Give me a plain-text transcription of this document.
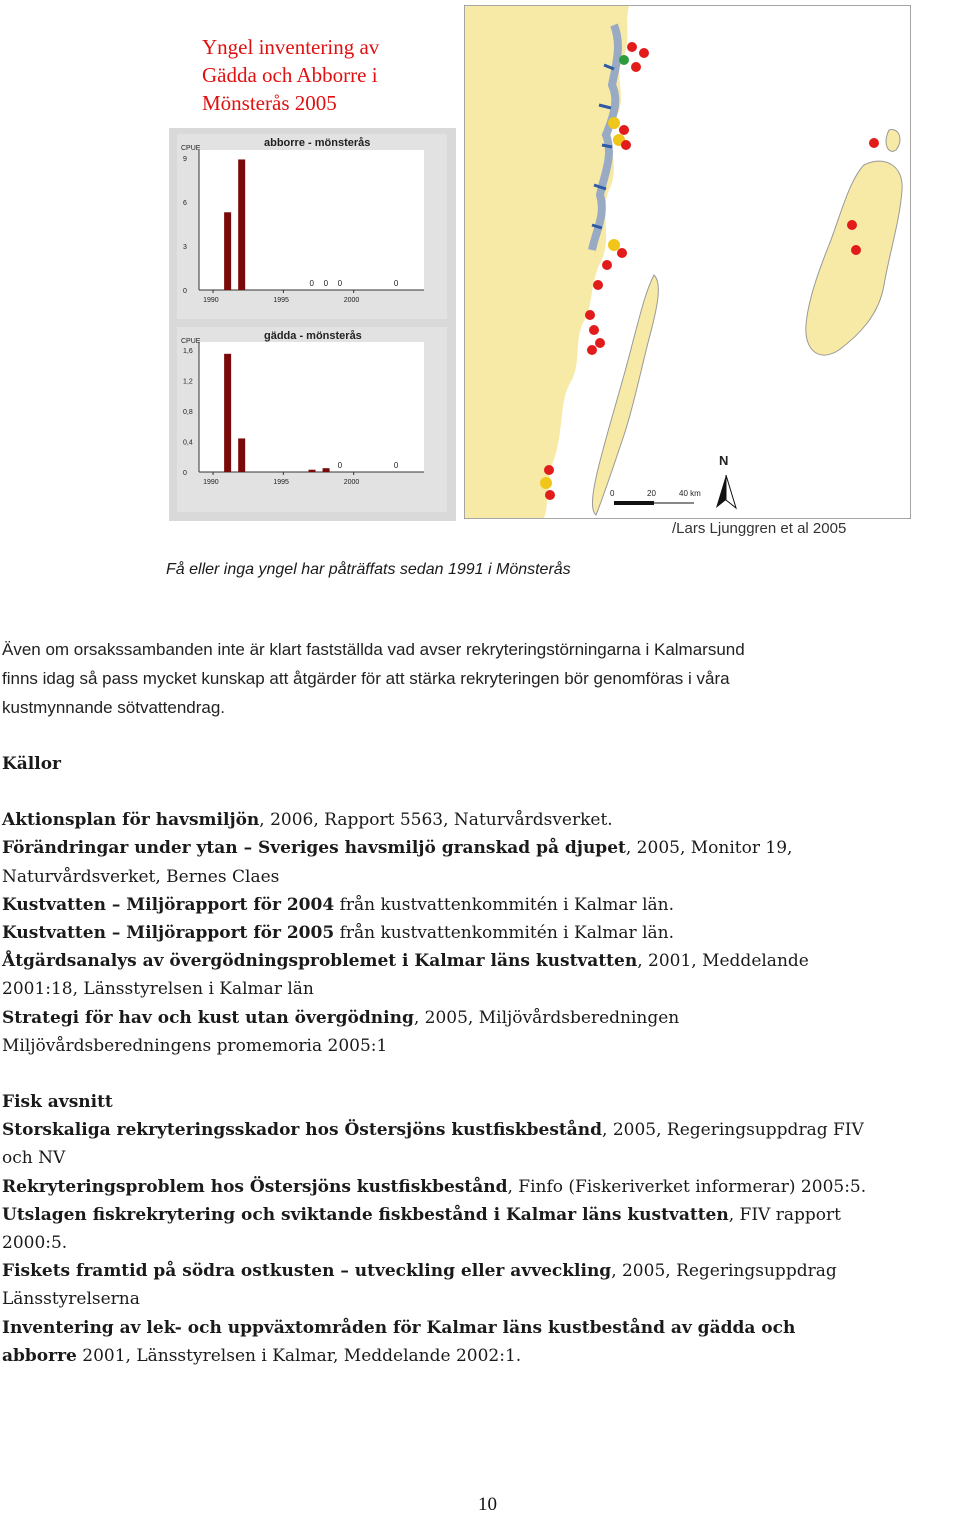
Yngel inventering av
Gädda och Abborre i
Mönsterås 2005
abborre - mönsterås
CPUE
9
6
3
0
1990	1995	2000
0 0 0	0
gädda - mönsterås
CPUE
1,6
1,2
0,8
0,4
0
1990	1995	2000
0	0	N
0	20	40 km
/Lars Ljunggren et al 2005
Få eller inga yngel har påträffats sedan 1991 i Mönsterås
Även om orsakssambanden inte är klart fastställda vad avser rekryteringstörningarna i Kalmarsund
finns idag så pass mycket kunskap att åtgärder för att stärka rekryteringen bör genomföras i våra
kustmynnande sötvattendrag.
Källor
Aktionsplan för havsmiljön, 2006, Rapport 5563, Naturvårdsverket.
Förändringar under ytan – Sveriges havsmiljö granskad på djupet, 2005, Monitor 19,
Naturvårdsverket, Bernes Claes
Kustvatten – Miljörapport för 2004 från kustvattenkommitén i Kalmar län.
Kustvatten – Miljörapport för 2005 från kustvattenkommitén i Kalmar län.
Åtgärdsanalys av övergödningsproblemet i Kalmar läns kustvatten, 2001, Meddelande
2001:18, Länsstyrelsen i Kalmar län
Strategi för hav och kust utan övergödning, 2005, Miljövårdsberedningen
Miljövårdsberedningens promemoria 2005:1
Fisk avsnitt
Storskaliga rekryteringsskador hos Östersjöns kustfiskbestånd, 2005, Regeringsuppdrag FIV
och NV
Rekryteringsproblem hos Östersjöns kustfiskbestånd, Finfo (Fiskeriverket informerar) 2005:5.
Utslagen fiskrekrytering och sviktande fiskbestånd i Kalmar läns kustvatten, FIV rapport
2000:5.
Fiskets framtid på södra ostkusten – utveckling eller avveckling, 2005, Regeringsuppdrag
Länsstyrelserna
Inventering av lek- och uppväxtområden för Kalmar läns kustbestånd av gädda och
abborre 2001, Länsstyrelsen i Kalmar, Meddelande 2002:1.
10
